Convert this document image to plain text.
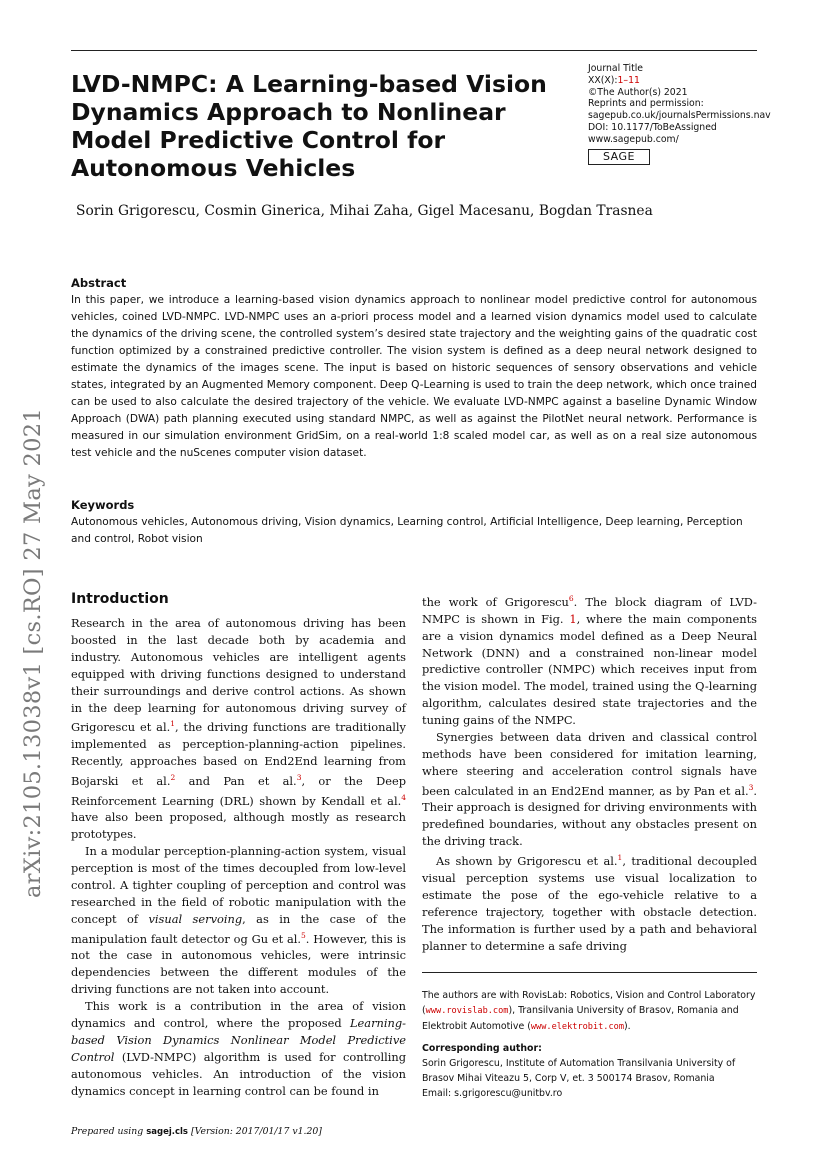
LVD-NMPC: A Learning-based Vision Dynamics Approach to Nonlinear Model Predictive Control for Autonomous Vehicles
Journal Title
XX(X):1–11
©The Author(s) 2021
Reprints and permission:
sagepub.co.uk/journalsPermissions.nav
DOI: 10.1177/ToBeAssigned
www.sagepub.com/
SAGE
Sorin Grigorescu, Cosmin Ginerica, Mihai Zaha, Gigel Macesanu, Bogdan Trasnea
Abstract
In this paper, we introduce a learning-based vision dynamics approach to nonlinear model predictive control for autonomous vehicles, coined LVD-NMPC. LVD-NMPC uses an a-priori process model and a learned vision dynamics model used to calculate the dynamics of the driving scene, the controlled system’s desired state trajectory and the weighting gains of the quadratic cost function optimized by a constrained predictive controller. The vision system is defined as a deep neural network designed to estimate the dynamics of the images scene. The input is based on historic sequences of sensory observations and vehicle states, integrated by an Augmented Memory component. Deep Q-Learning is used to train the deep network, which once trained can be used to also calculate the desired trajectory of the vehicle. We evaluate LVD-NMPC against a baseline Dynamic Window Approach (DWA) path planning executed using standard NMPC, as well as against the PilotNet neural network. Performance is measured in our simulation environment GridSim, on a real-world 1:8 scaled model car, as well as on a real size autonomous test vehicle and the nuScenes computer vision dataset.
Keywords
Autonomous vehicles, Autonomous driving, Vision dynamics, Learning control, Artificial Intelligence, Deep learning, Perception and control, Robot vision
arXiv:2105.13038v1 [cs.RO] 27 May 2021	Introduction

Research in the area of autonomous driving has been boosted in the last decade both by academia and industry. Autonomous vehicles are intelligent agents equipped with driving functions designed to understand their surroundings and derive control actions. As shown in the deep learning for autonomous driving survey of Grigorescu et al.$^1$, the driving functions are traditionally implemented as perception-planning-action pipelines. Recently, approaches based on End2End learning from Bojarski et al.$^2$ and Pan et al.$^3$, or the Deep Reinforcement Learning (DRL) shown by Kendall et al.$^4$ have also been proposed, although mostly as research prototypes.

In a modular perception-planning-action system, visual perception is most of the times decoupled from low-level control. A tighter coupling of perception and control was researched in the field of robotic manipulation with the concept of visual servoing, as in the case of the manipulation fault detector og Gu et al.$^5$. However, this is not the case in autonomous vehicles, were intrinsic dependencies between the different modules of the driving functions are not taken into account.

This work is a contribution in the area of vision dynamics and control, where the proposed Learning-based Vision Dynamics Nonlinear Model Predictive Control (LVD-NMPC) algorithm is used for controlling autonomous vehicles. An introduction of the vision dynamics concept in learning control can be found in

the work of Grigorescu$^6$. The block diagram of LVD-NMPC is shown in Fig. 1, where the main components are a vision dynamics model defined as a Deep Neural Network (DNN) and a constrained non-linear model predictive controller (NMPC) which receives input from the vision model. The model, trained using the Q-learning algorithm, calculates desired state trajectories and the tuning gains of the NMPC.

Synergies between data driven and classical control methods have been considered for imitation learning, where steering and acceleration control signals have been calculated in an End2End manner, as by Pan et al.$^3$. Their approach is designed for driving environments with predefined boundaries, without any obstacles present on the driving track.

As shown by Grigorescu et al.$^1$, traditional decoupled visual perception systems use visual localization to estimate the pose of the ego-vehicle relative to a reference trajectory, together with obstacle detection. The information is further used by a path and behavioral planner to determine a safe driving

The authors are with RovisLab: Robotics, Vision and Control Laboratory (www.rovislab.com), Transilvania University of Brasov, Romania and Elektrobit Automotive (www.elektrobit.com).

Corresponding author:

Sorin Grigorescu, Institute of Automation Transilvania University of Brasov Mihai Viteazu 5, Corp V, et. 3 500174 Brasov, Romania

Email: s.grigorescu@unitbv.ro

Prepared using sagej.cls [Version: 2017/01/17 v1.20]
